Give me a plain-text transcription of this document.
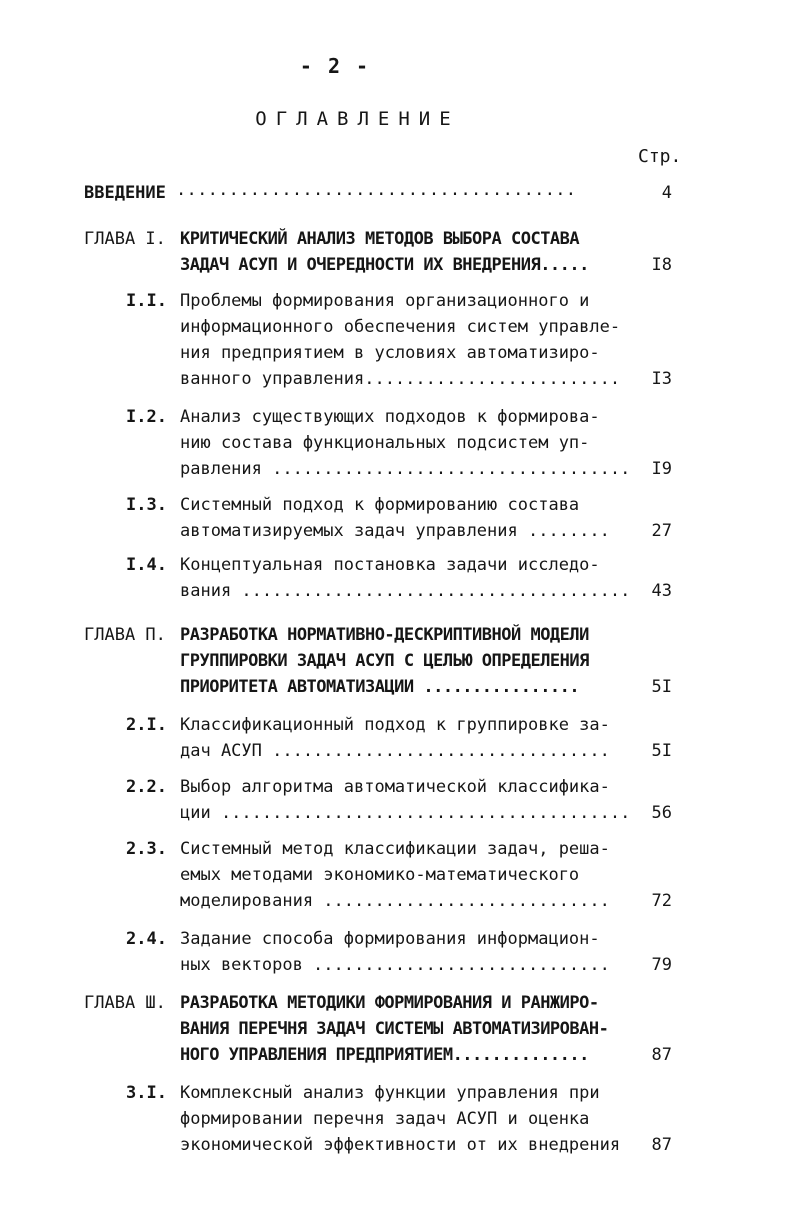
- 2 -
ОГЛАВЛЕНИЕ
Стр.
ВВЕДЕНИЕ ......................................	4
ГЛАВА I. КРИТИЧЕСКИЙ АНАЛИЗ МЕТОДОВ ВЫБОРА СОСТАВА
ЗАДАЧ АСУП И ОЧЕРЕДНОСТИ ИХ ВНЕДРЕНИЯ.....	I8
I.I. Проблемы формирования организационного и
информационного обеспечения систем управле-
ния предприятием в условиях автоматизиро-
ванного управления.........................	I3
I.2. Анализ существующих подходов к формирова-
нию состава функциональных подсистем уп-
равления ...................................	I9
I.3. Системный подход к формированию состава
автоматизируемых задач управления ........	27
I.4. Концептуальная постановка задачи исследо-
вания ......................................	43
ГЛАВА П. РАЗРАБОТКА НОРМАТИВНО-ДЕСКРИПТИВНОЙ МОДЕЛИ
ГРУППИРОВКИ ЗАДАЧ АСУП С ЦЕЛЬЮ ОПРЕДЕЛЕНИЯ
ПРИОРИТЕТА АВТОМАТИЗАЦИИ ................	5I
2.I. Классификационный подход к группировке за-
дач АСУП .................................	5I
2.2. Выбор алгоритма автоматической классифика-
ции ........................................	56
2.3. Системный метод классификации задач, реша-
емых методами экономико-математического
моделирования ............................	72
2.4. Задание способа формирования информацион-
ных векторов .............................	79
ГЛАВА Ш. РАЗРАБОТКА МЕТОДИКИ ФОРМИРОВАНИЯ И РАНЖИРО-
ВАНИЯ ПЕРЕЧНЯ ЗАДАЧ СИСТЕМЫ АВТОМАТИЗИРОВАН-
НОГО УПРАВЛЕНИЯ ПРЕДПРИЯТИЕМ..............	87
3.I. Комплексный анализ функции управления при
формировании перечня задач АСУП и оценка
экономической эффективности от их внедрения	87
